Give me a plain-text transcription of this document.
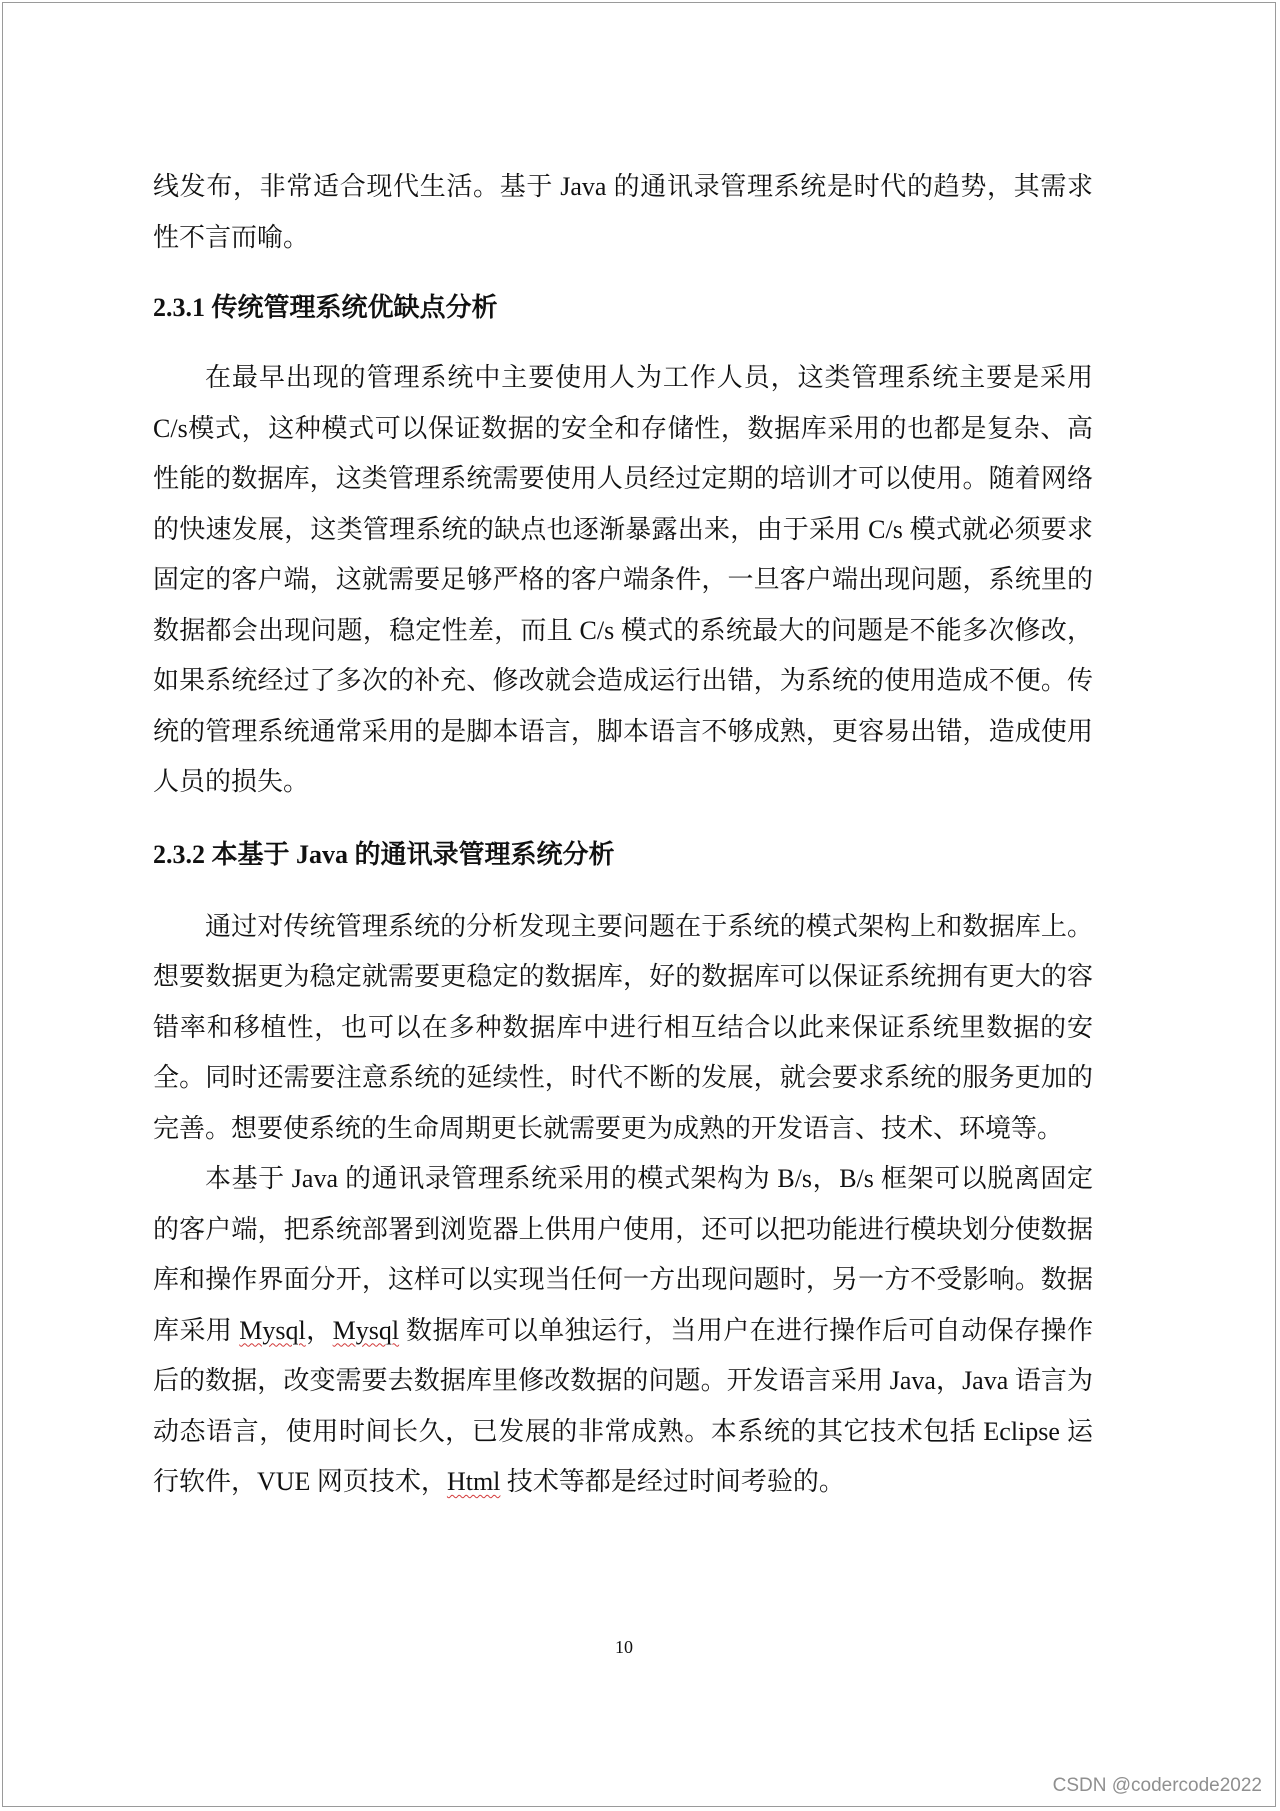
线发布，非常适合现代生活。基于 Java 的通讯录管理系统是时代的趋势，其需求性不言而喻。

2.3.1 传统管理系统优缺点分析

在最早出现的管理系统中主要使用人为工作人员，这类管理系统主要是采用C/s模式，这种模式可以保证数据的安全和存储性，数据库采用的也都是复杂、高性能的数据库，这类管理系统需要使用人员经过定期的培训才可以使用。随着网络的快速发展，这类管理系统的缺点也逐渐暴露出来，由于采用 C/s 模式就必须要求固定的客户端，这就需要足够严格的客户端条件，一旦客户端出现问题，系统里的数据都会出现问题，稳定性差，而且 C/s 模式的系统最大的问题是不能多次修改，如果系统经过了多次的补充、修改就会造成运行出错，为系统的使用造成不便。传统的管理系统通常采用的是脚本语言，脚本语言不够成熟，更容易出错，造成使用人员的损失。

2.3.2 本基于 Java 的通讯录管理系统分析

通过对传统管理系统的分析发现主要问题在于系统的模式架构上和数据库上。想要数据更为稳定就需要更稳定的数据库，好的数据库可以保证系统拥有更大的容错率和移植性，也可以在多种数据库中进行相互结合以此来保证系统里数据的安全。同时还需要注意系统的延续性，时代不断的发展，就会要求系统的服务更加的完善。想要使系统的生命周期更长就需要更为成熟的开发语言、技术、环境等。

本基于 Java 的通讯录管理系统采用的模式架构为 B/s，B/s 框架可以脱离固定的客户端，把系统部署到浏览器上供用户使用，还可以把功能进行模块划分使数据库和操作界面分开，这样可以实现当任何一方出现问题时，另一方不受影响。数据库采用 Mysql，Mysql 数据库可以单独运行，当用户在进行操作后可自动保存操作后的数据，改变需要去数据库里修改数据的问题。开发语言采用 Java，Java 语言为动态语言，使用时间长久，已发展的非常成熟。本系统的其它技术包括 Eclipse 运行软件，VUE 网页技术，Html 技术等都是经过时间考验的。

10
CSDN @codercode2022
